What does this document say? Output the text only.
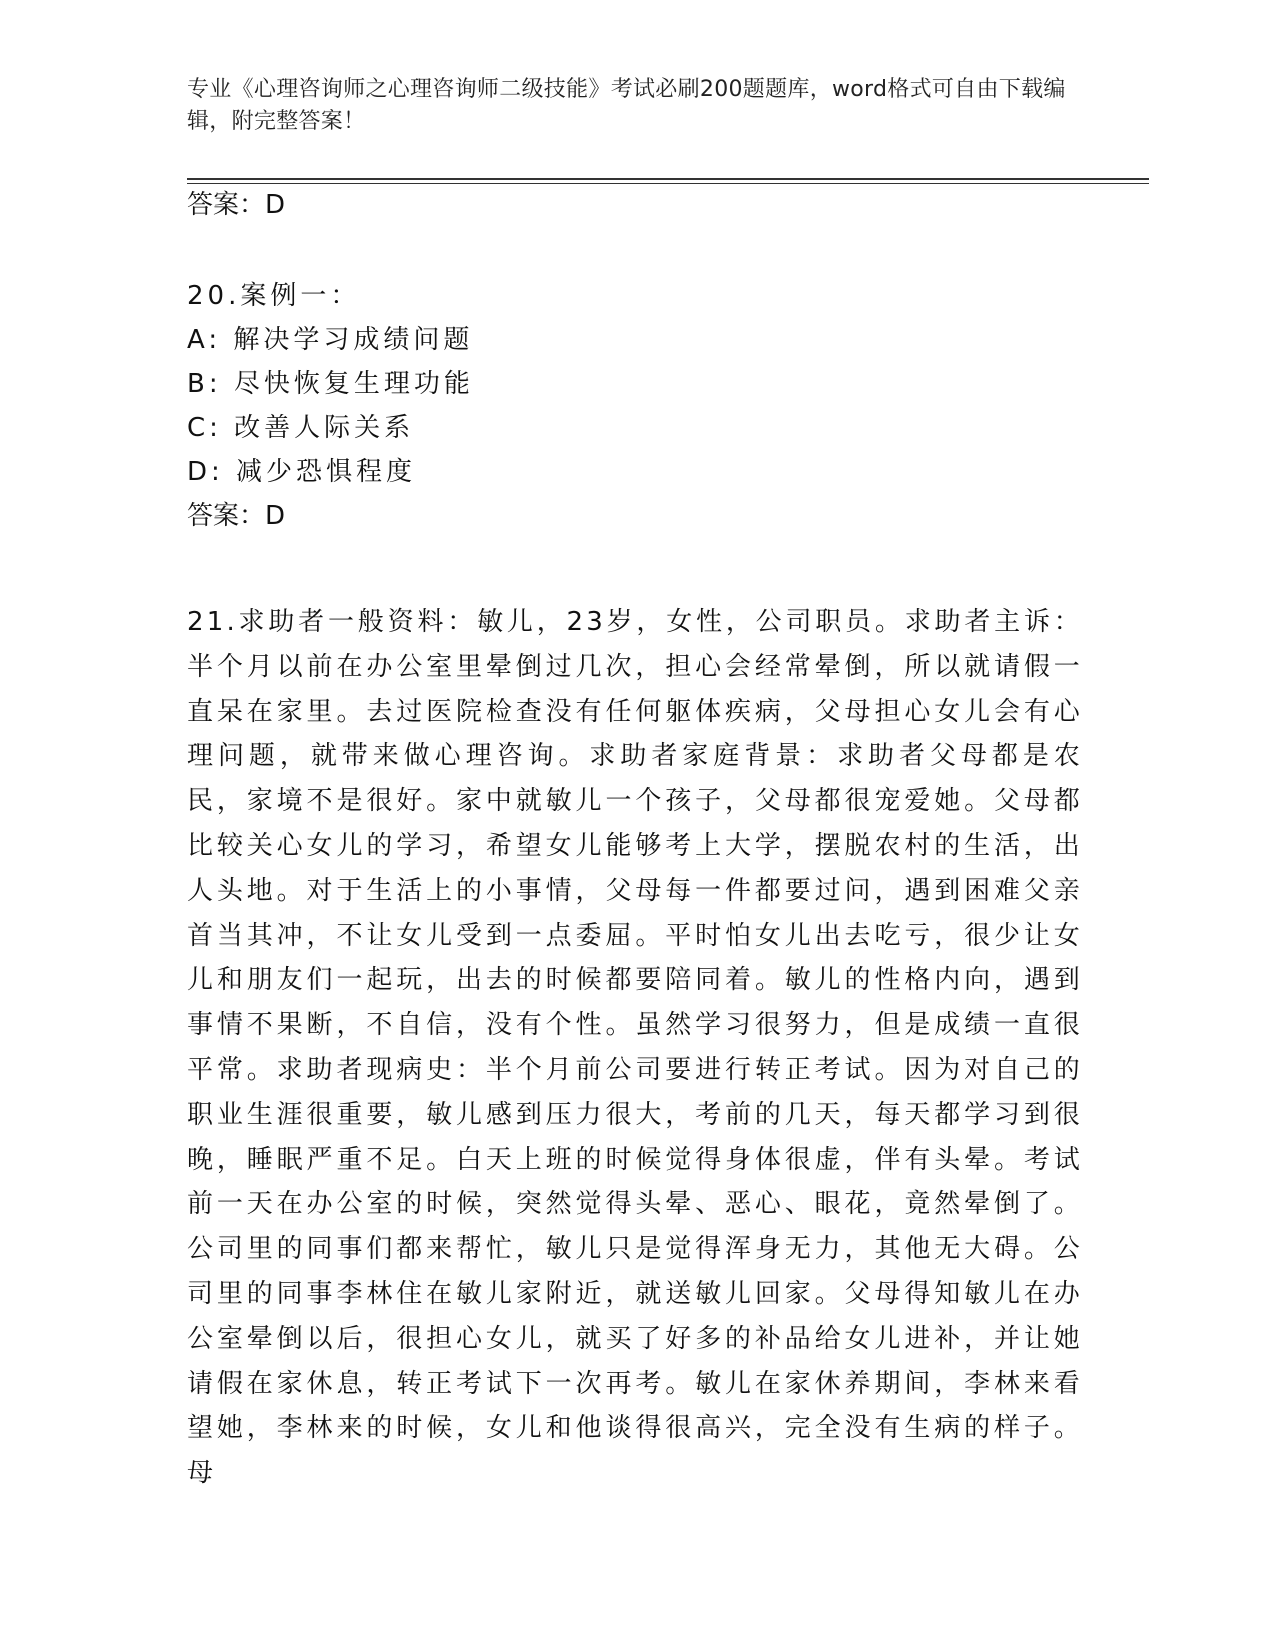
专业《心理咨询师之心理咨询师二级技能》考试必刷200题题库，word格式可自由下载编辑，附完整答案！
答案：D
20.案例一：
A: 解决学习成绩问题
B: 尽快恢复生理功能
C: 改善人际关系
D: 减少恐惧程度
答案：D
21.求助者一般资料：敏儿，23岁，女性，公司职员。求助者主诉：半个月以前在办公室里晕倒过几次，担心会经常晕倒，所以就请假一直呆在家里。去过医院检查没有任何躯体疾病，父母担心女儿会有心理问题，就带来做心理咨询。求助者家庭背景：求助者父母都是农民，家境不是很好。家中就敏儿一个孩子，父母都很宠爱她。父母都比较关心女儿的学习，希望女儿能够考上大学，摆脱农村的生活，出人头地。对于生活上的小事情，父母每一件都要过问，遇到困难父亲首当其冲，不让女儿受到一点委屈。平时怕女儿出去吃亏，很少让女儿和朋友们一起玩，出去的时候都要陪同着。敏儿的性格内向，遇到事情不果断，不自信，没有个性。虽然学习很努力，但是成绩一直很平常。求助者现病史：半个月前公司要进行转正考试。因为对自己的职业生涯很重要，敏儿感到压力很大，考前的几天，每天都学习到很晚，睡眠严重不足。白天上班的时候觉得身体很虚，伴有头晕。考试前一天在办公室的时候，突然觉得头晕、恶心、眼花，竟然晕倒了。公司里的同事们都来帮忙，敏儿只是觉得浑身无力，其他无大碍。公司里的同事李林住在敏儿家附近，就送敏儿回家。父母得知敏儿在办公室晕倒以后，很担心女儿，就买了好多的补品给女儿进补，并让她请假在家休息，转正考试下一次再考。敏儿在家休养期间，李林来看望她，李林来的时候，女儿和他谈得很高兴，完全没有生病的样子。母
